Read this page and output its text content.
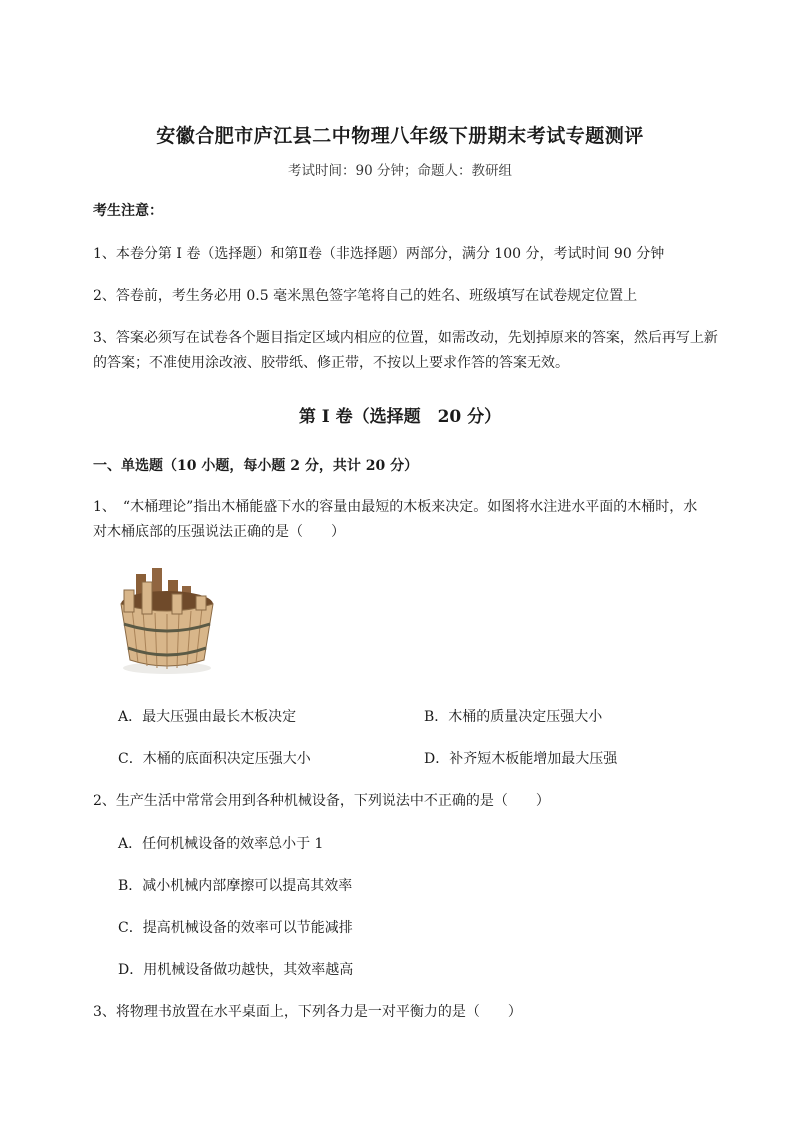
安徽合肥市庐江县二中物理八年级下册期末考试专题测评
考试时间：90 分钟；命题人：教研组
考生注意：
1、本卷分第 I 卷（选择题）和第Ⅱ卷（非选择题）两部分，满分 100 分，考试时间 90 分钟
2、答卷前，考生务必用 0.5 毫米黑色签字笔将自己的姓名、班级填写在试卷规定位置上
3、答案必须写在试卷各个题目指定区域内相应的位置，如需改动，先划掉原来的答案，然后再写上新
的答案；不准使用涂改液、胶带纸、修正带，不按以上要求作答的答案无效。
第 I 卷（选择题　20 分）
一、单选题（10 小题，每小题 2 分，共计 20 分）
1、　“木桶理论”指出木桶能盛下水的容量由最短的木板来决定。如图将水注进水平面的木桶时，水
对木桶底部的压强说法正确的是（　　）
A．最大压强由最长木板决定	B．木桶的质量决定压强大小
C．木桶的底面积决定压强大小	D．补齐短木板能增加最大压强
2、生产生活中常常会用到各种机械设备，下列说法中不正确的是（　　）
A．任何机械设备的效率总小于 1
B．减小机械内部摩擦可以提高其效率
C．提高机械设备的效率可以节能减排
D．用机械设备做功越快，其效率越高
3、将物理书放置在水平桌面上，下列各力是一对平衡力的是（　　）
